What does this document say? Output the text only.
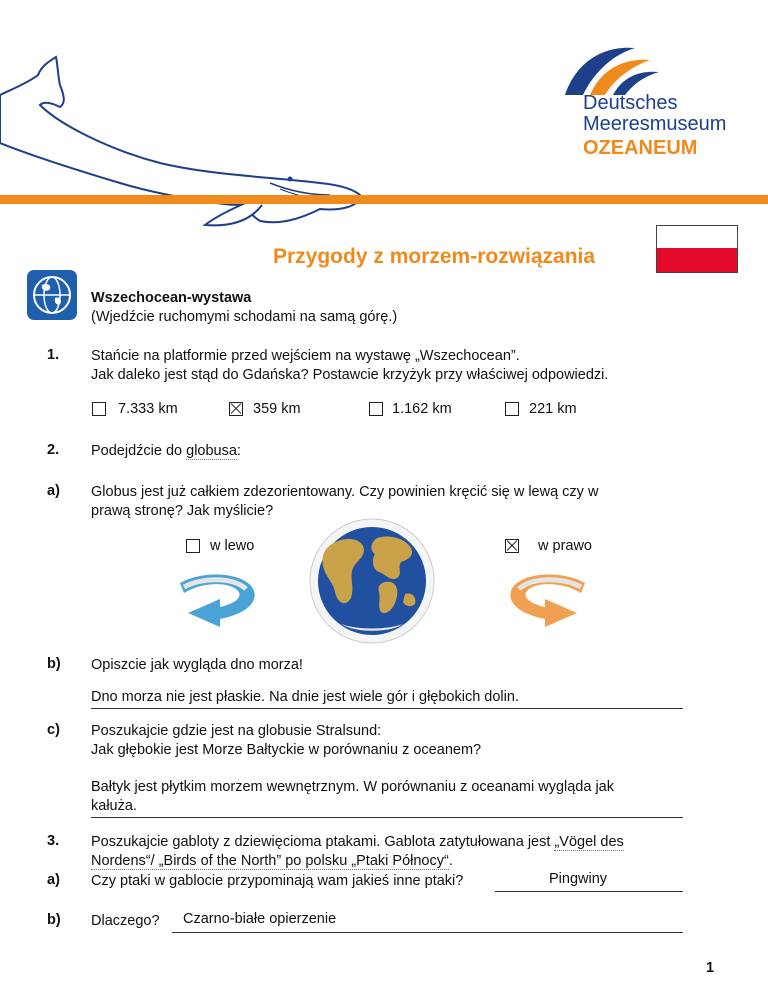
Deutsches
Meeresmuseum
OZEANEUM
Przygody z morzem-rozwiązania
Wszechocean-wystawa
(Wjedźcie ruchomymi schodami na samą górę.)
1. Stańcie na platformie przed wejściem na wystawę „Wszechocean”.
Jak daleko jest stąd do Gdańska? Postawcie krzyżyk przy właściwej odpowiedzi.
7.333 km	359 km	1.162 km	221 km
2. Podejdźcie do globusa:
a) Globus jest już całkiem zdezorientowany. Czy powinien kręcić się w lewą czy w
prawą stronę? Jak myślicie?
w lewo	w prawo
b) Opiszcie jak wygląda dno morza!
Dno morza nie jest płaskie. Na dnie jest wiele gór i głębokich dolin.
c) Poszukajcie gdzie jest na globusie Stralsund:
Jak głębokie jest Morze Bałtyckie w porównaniu z oceanem?
Bałtyk jest płytkim morzem wewnętrznym. W porównaniu z oceanami wygląda jak
kałuża.
3. Poszukajcie gabloty z dziewięcioma ptakami. Gablota zatytułowana jest „Vögel des
Nordens“/ „Birds of the North” po polsku „Ptaki Północy“.
a) Czy ptaki w gablocie przypominają wam jakieś inne ptaki?	Pingwiny
b) Dlaczego? Czarno-białe opierzenie
1
